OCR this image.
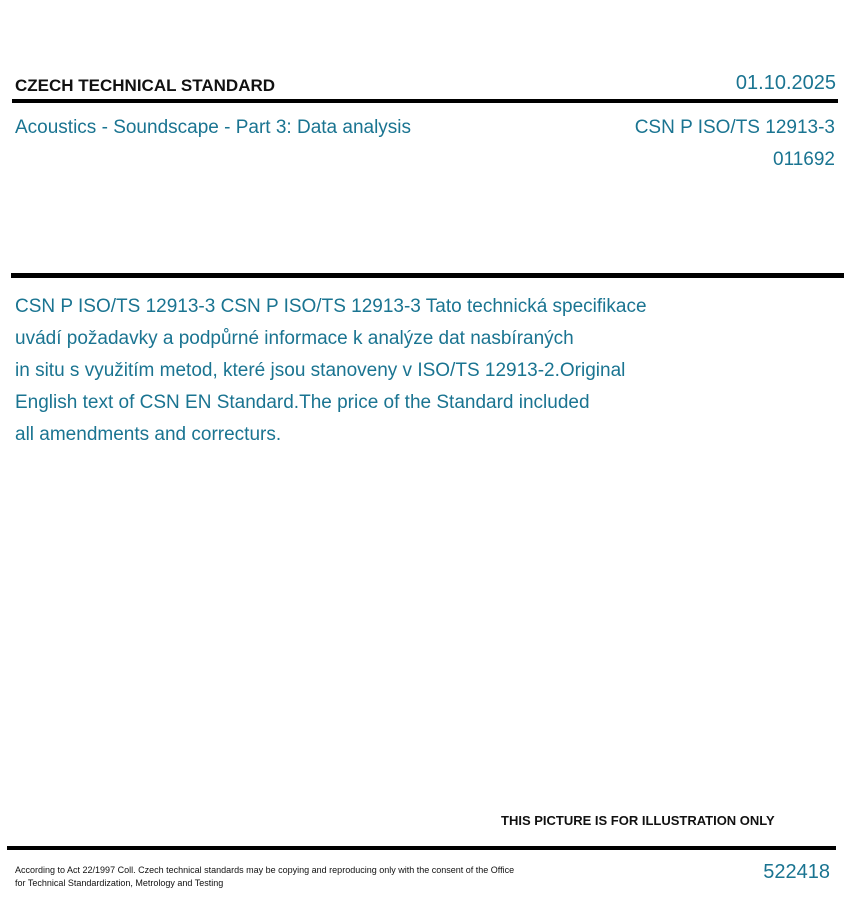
CZECH TECHNICAL STANDARD	01.10.2025
Acoustics - Soundscape - Part 3: Data analysis	CSN P ISO/TS 12913-3
011692
CSN P ISO/TS 12913-3 CSN P ISO/TS 12913-3 Tato technická specifikace
uvádí požadavky a podpůrné informace k analýze dat nasbíraných
in situ s využitím metod, které jsou stanoveny v ISO/TS 12913-2.Original
English text of CSN EN Standard.The price of the Standard included
all amendments and correcturs.
THIS PICTURE IS FOR ILLUSTRATION ONLY
According to Act 22/1997 Coll. Czech technical standards may be copying and reproducing only with the consent of the Office
for Technical Standardization, Metrology and Testing	522418
